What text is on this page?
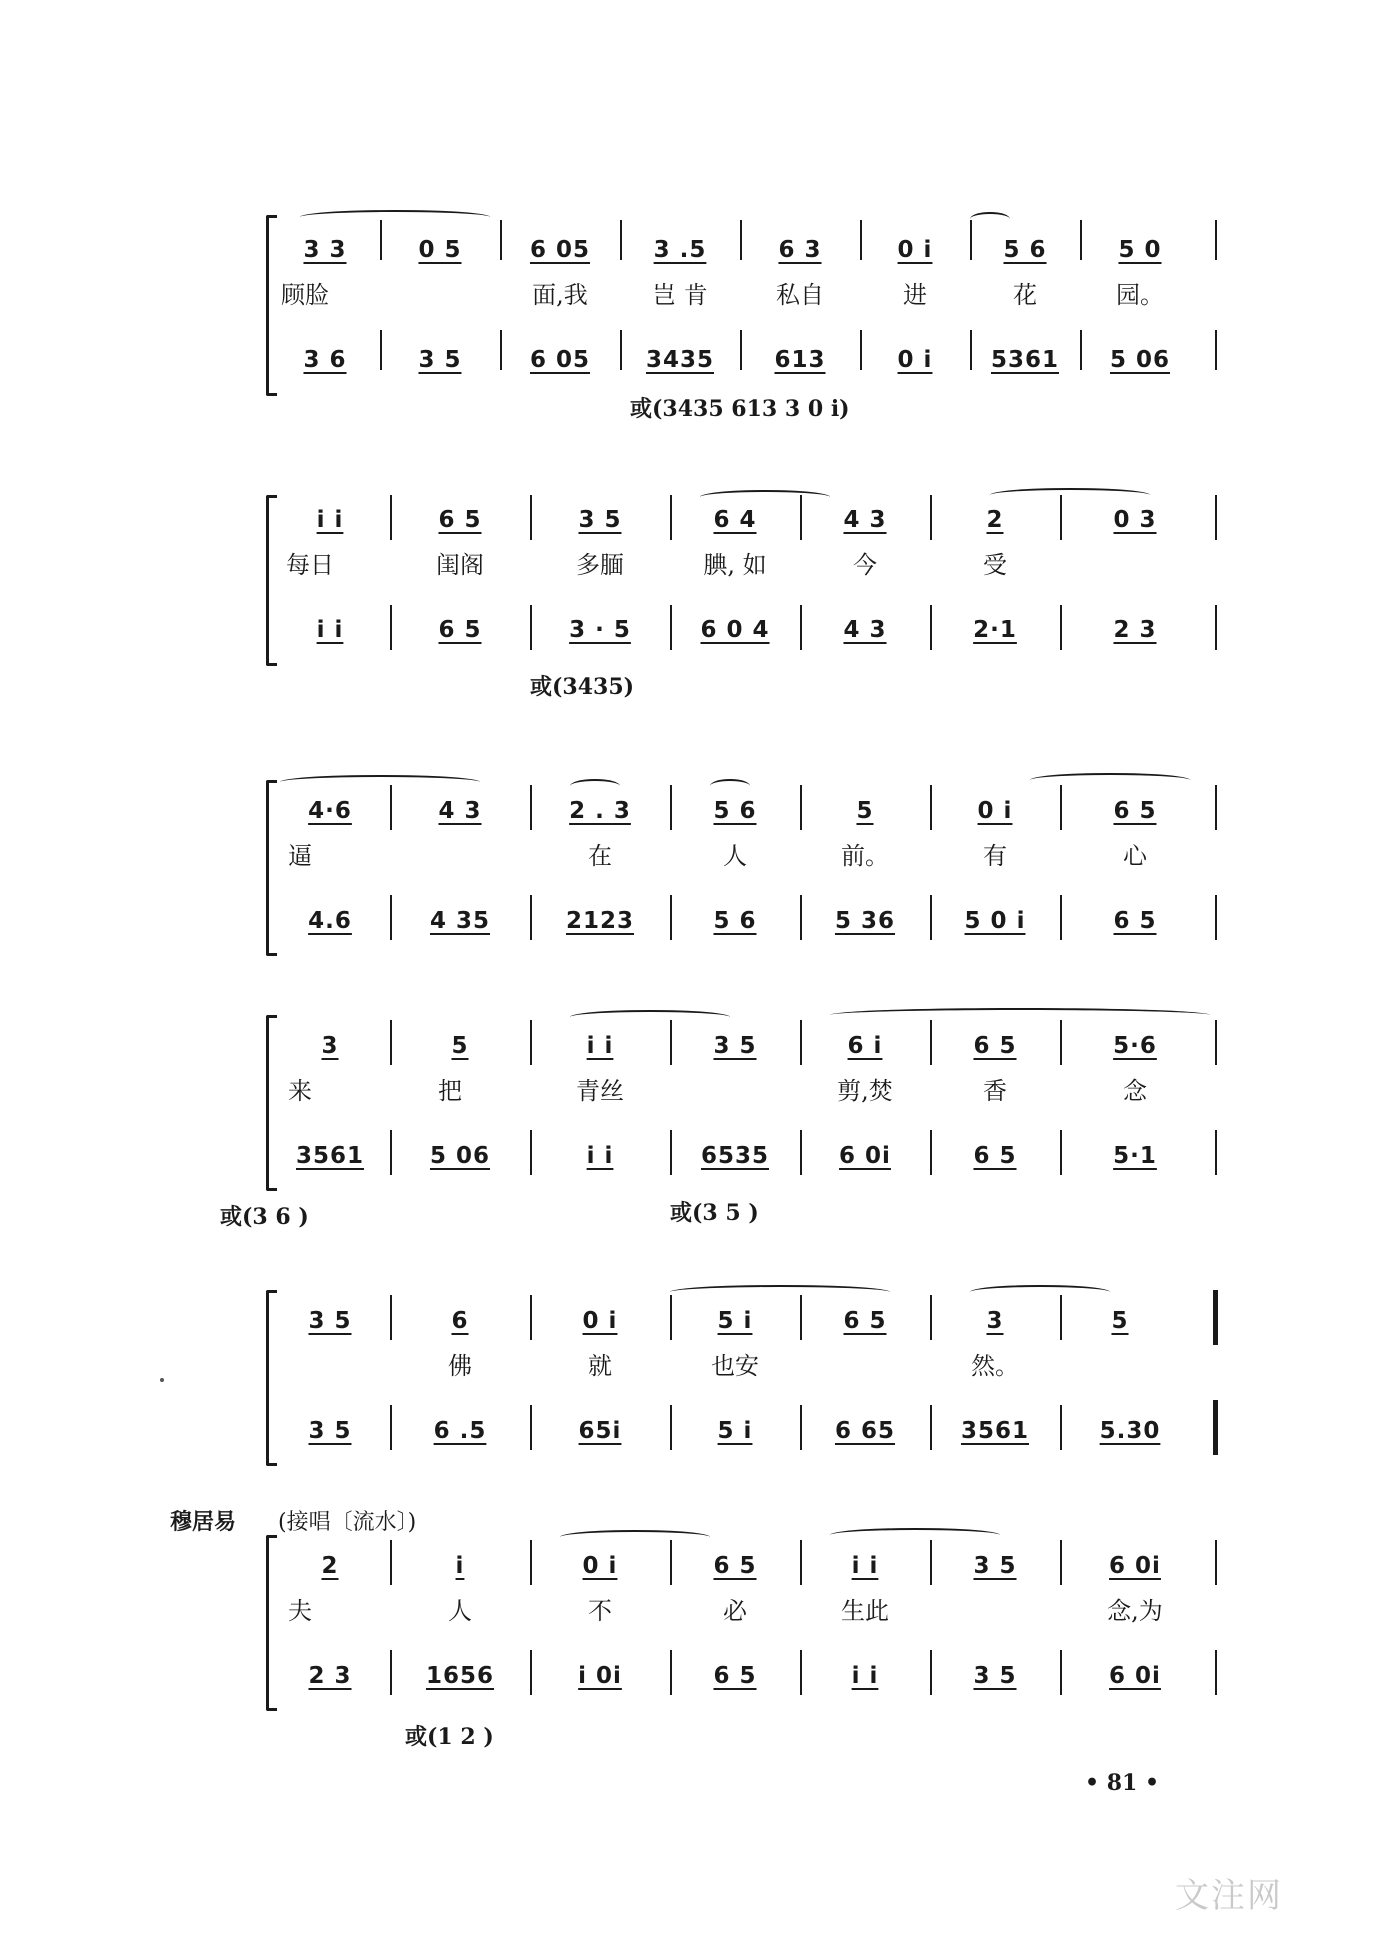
3 3	0 5	6 05	3 .5	6 3	0 i	5 6	5 0
顾脸	面,我	岂 肯	私自	进	花	园。
3 6	3 5	6 05	3435	613	0 i	5361	5 06
或(3435 613 3 0 i)
i i	6 5	3 5	6 4	4 3	2	0 3
每日	闺阁	多腼	腆, 如	今	受
i i	6 5	3 · 5	6 0 4	4 3	2·1	2 3
或(3435)
4·6	4 3	2 . 3	5 6	5	0 i	6 5
逼	在	人	前。	有	心
4.6	4 35	2123	5 6	5 36	5 0 i	6 5
3	5	i i	3 5	6 i	6 5	5·6
来	把	青丝	剪,焚	香	念
3561	5 06	i i	6535	6 0i	6 5	5·1
或(3 6 )	或(3 5 )
3 5	6	0 i	5 i	6 5	3	5
佛	就	也安	然。
3 5	6 .5	65i	5 i	6 65	3561	5.30
穆居易 (接唱〔流水〕)
2	i	0 i	6 5	i i	3 5	6 0i
夫	人	不	必	生此	念,为
2 3	1656	i 0i	6 5	i i	3 5	6 0i
或(1 2 )
• 81 •
文注网
